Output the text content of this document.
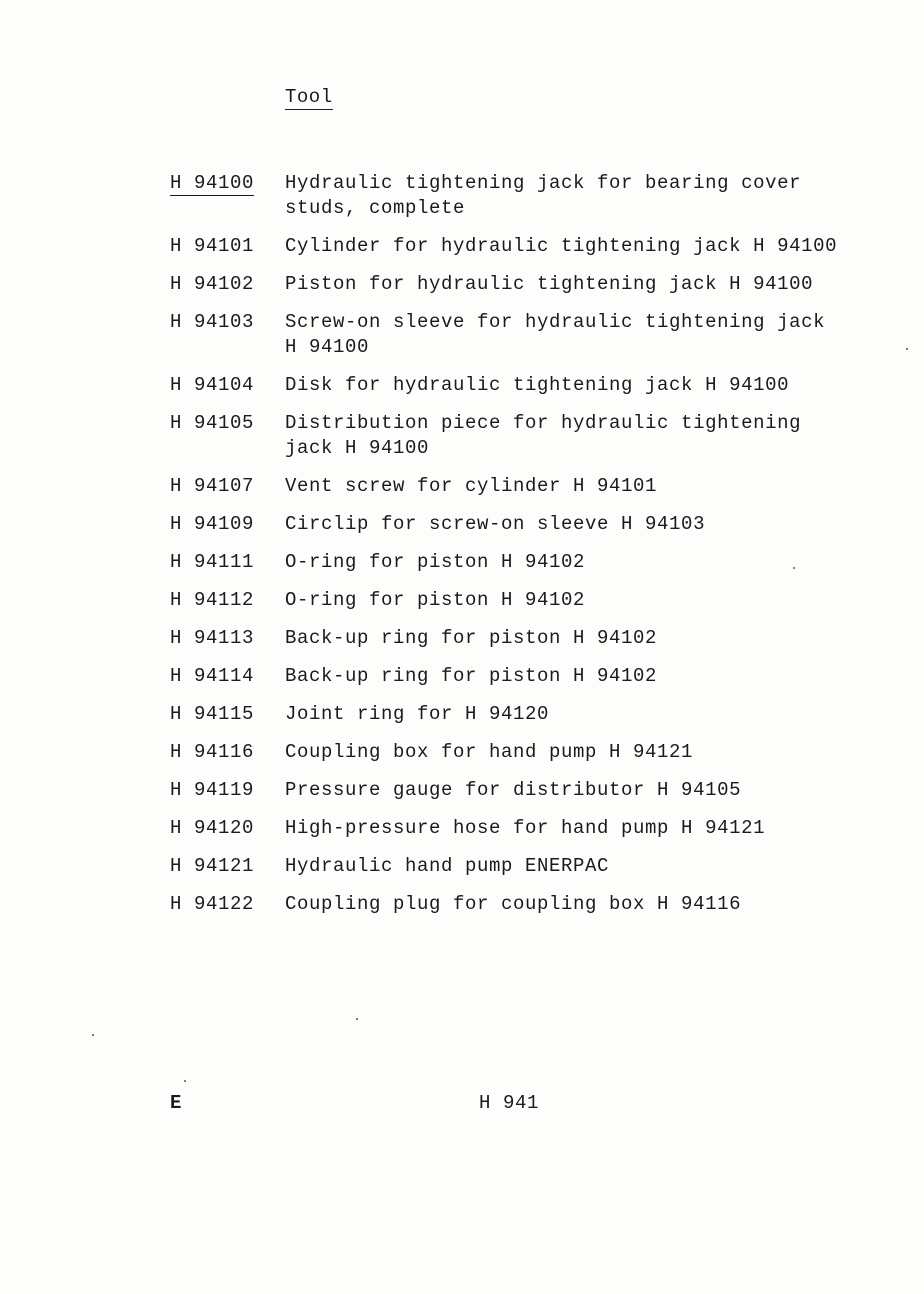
Tool
H 94100	Hydraulic tightening jack for bearing cover
studs, complete
H 94101	Cylinder for hydraulic tightening jack H 94100
H 94102	Piston for hydraulic tightening jack H 94100
H 94103	Screw-on sleeve for hydraulic tightening jack
H 94100
H 94104	Disk for hydraulic tightening jack H 94100
H 94105	Distribution piece for hydraulic tightening
jack H 94100
H 94107	Vent screw for cylinder H 94101
H 94109	Circlip for screw-on sleeve H 94103
H 94111	O-ring for piston H 94102
H 94112	O-ring for piston H 94102
H 94113	Back-up ring for piston H 94102
H 94114	Back-up ring for piston H 94102
H 94115	Joint ring for H 94120
H 94116	Coupling box for hand pump H 94121
H 94119	Pressure gauge for distributor H 94105
H 94120	High-pressure hose for hand pump H 94121
H 94121	Hydraulic hand pump ENERPAC
H 94122	Coupling plug for coupling box H 94116
E	H 941
